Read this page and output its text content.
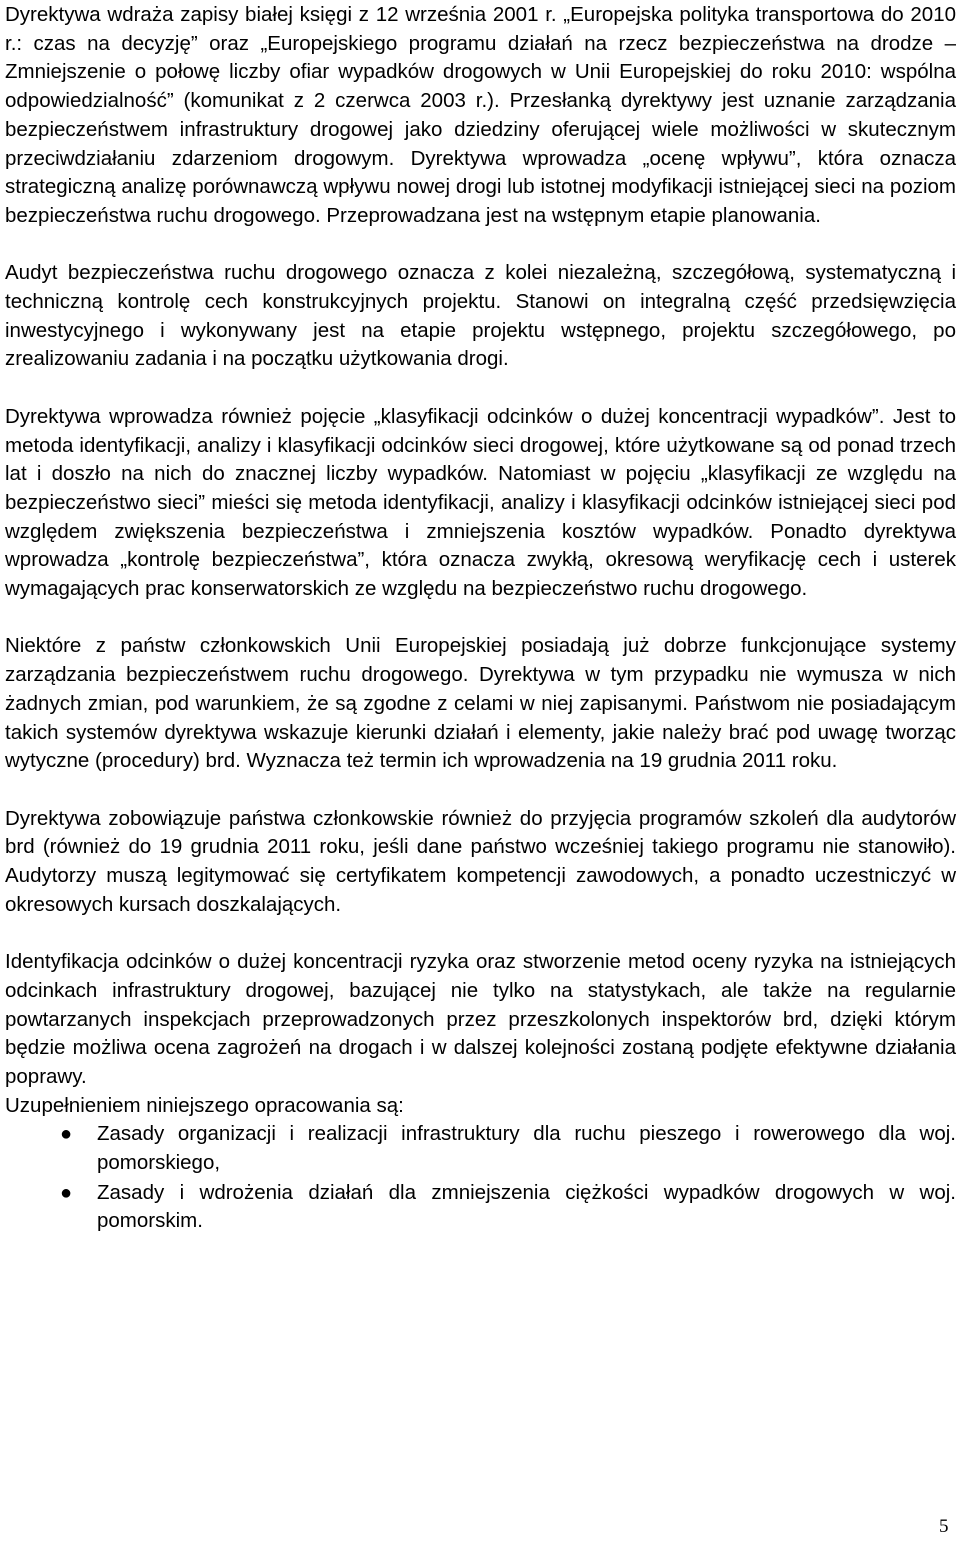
Dyrektywa wdraża zapisy białej księgi z 12 września 2001 r. „Europejska polityka transportowa do 2010 r.: czas na decyzję” oraz „Europejskiego programu działań na rzecz bezpieczeństwa na drodze – Zmniejszenie o połowę liczby ofiar wypadków drogowych w Unii Europejskiej do roku 2010: wspólna odpowiedzialność” (komunikat z 2 czerwca 2003 r.). Przesłanką dyrektywy jest uznanie zarządzania bezpieczeństwem infrastruktury drogowej jako dziedziny oferującej wiele możliwości w skutecznym przeciwdziałaniu zdarzeniom drogowym. Dyrektywa wprowadza „ocenę wpływu”, która oznacza strategiczną analizę porównawczą wpływu nowej drogi lub istotnej modyfikacji istniejącej sieci na poziom bezpieczeństwa ruchu drogowego. Przeprowadzana jest na wstępnym etapie planowania.

Audyt bezpieczeństwa ruchu drogowego oznacza z kolei niezależną, szczegółową, systematyczną i techniczną kontrolę cech konstrukcyjnych projektu. Stanowi on integralną część przedsięwzięcia inwestycyjnego i wykonywany jest na etapie projektu wstępnego, projektu szczegółowego, po zrealizowaniu zadania i na początku użytkowania drogi.

Dyrektywa wprowadza również pojęcie „klasyfikacji odcinków o dużej koncentracji wypadków”. Jest to metoda identyfikacji, analizy i klasyfikacji odcinków sieci drogowej, które użytkowane są od ponad trzech lat i doszło na nich do znacznej liczby wypadków. Natomiast w pojęciu „klasyfikacji ze względu na bezpieczeństwo sieci” mieści się metoda identyfikacji, analizy i klasyfikacji odcinków istniejącej sieci pod względem zwiększenia bezpieczeństwa i zmniejszenia kosztów wypadków. Ponadto dyrektywa wprowadza „kontrolę bezpieczeństwa”, która oznacza zwykłą, okresową weryfikację cech i usterek wymagających prac konserwatorskich ze względu na bezpieczeństwo ruchu drogowego.

Niektóre z państw członkowskich Unii Europejskiej posiadają już dobrze funkcjonujące systemy zarządzania bezpieczeństwem ruchu drogowego. Dyrektywa w tym przypadku nie wymusza w nich żadnych zmian, pod warunkiem, że są zgodne z celami w niej zapisanymi. Państwom nie posiadającym takich systemów dyrektywa wskazuje kierunki działań i elementy, jakie należy brać pod uwagę tworząc wytyczne (procedury) brd. Wyznacza też termin ich wprowadzenia na 19 grudnia 2011 roku.

Dyrektywa zobowiązuje państwa członkowskie również do przyjęcia programów szkoleń dla audytorów brd (również do 19 grudnia 2011 roku, jeśli dane państwo wcześniej takiego programu nie stanowiło). Audytorzy muszą legitymować się certyfikatem kompetencji zawodowych, a ponadto uczestniczyć w okresowych kursach doszkalających.

Identyfikacja odcinków o dużej koncentracji ryzyka oraz stworzenie metod oceny ryzyka na istniejących odcinkach infrastruktury drogowej, bazującej nie tylko na statystykach, ale także na regularnie powtarzanych inspekcjach przeprowadzonych przez przeszkolonych inspektorów brd, dzięki którym będzie możliwa ocena zagrożeń na drogach i w dalszej kolejności zostaną podjęte efektywne działania poprawy.

Uzupełnieniem niniejszego opracowania są:

● Zasady organizacji i realizacji infrastruktury dla ruchu pieszego i rowerowego dla woj. pomorskiego,
● Zasady i wdrożenia działań dla zmniejszenia ciężkości wypadków drogowych w woj. pomorskim.
5
